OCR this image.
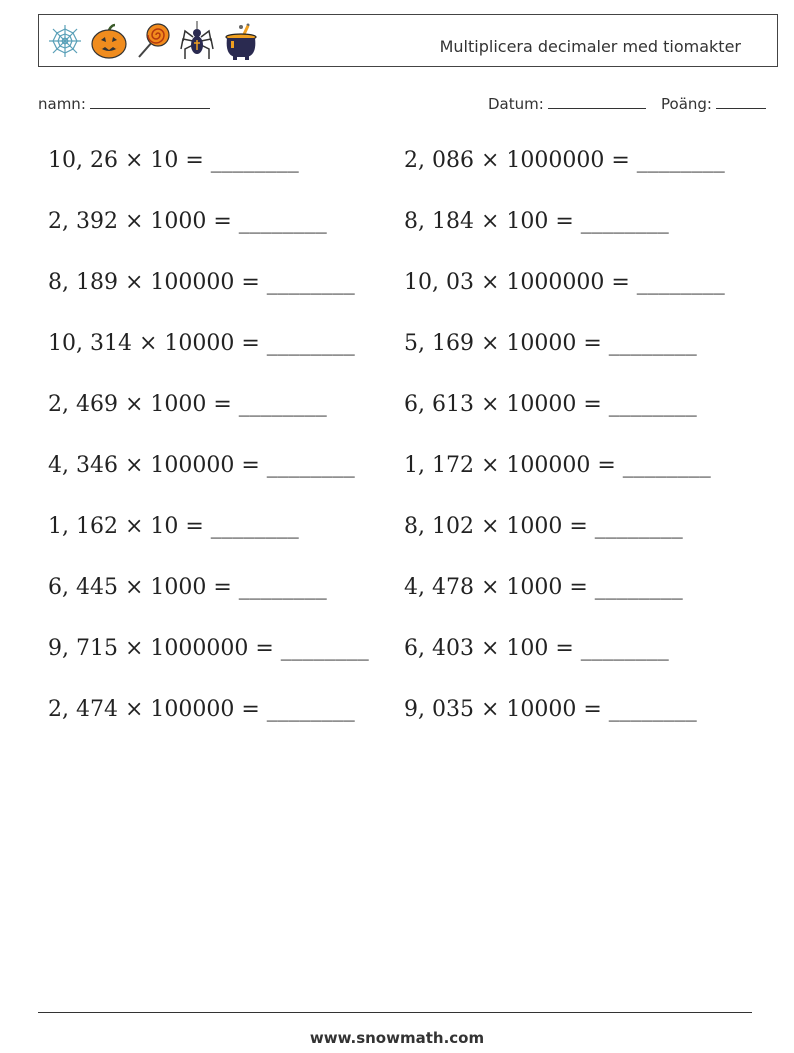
Multiplicera decimaler med tiomakter
namn:	Datum:	Poäng:
10, 26 × 10 = ________
2, 392 × 1000 = ________
8, 189 × 100000 = ________
10, 314 × 10000 = ________
2, 469 × 1000 = ________
4, 346 × 100000 = ________
1, 162 × 10 = ________
6, 445 × 1000 = ________
9, 715 × 1000000 = ________
2, 474 × 100000 = ________
2, 086 × 1000000 = ________
8, 184 × 100 = ________
10, 03 × 1000000 = ________
5, 169 × 10000 = ________
6, 613 × 10000 = ________
1, 172 × 100000 = ________
8, 102 × 1000 = ________
4, 478 × 1000 = ________
6, 403 × 100 = ________
9, 035 × 10000 = ________
www.snowmath.com
